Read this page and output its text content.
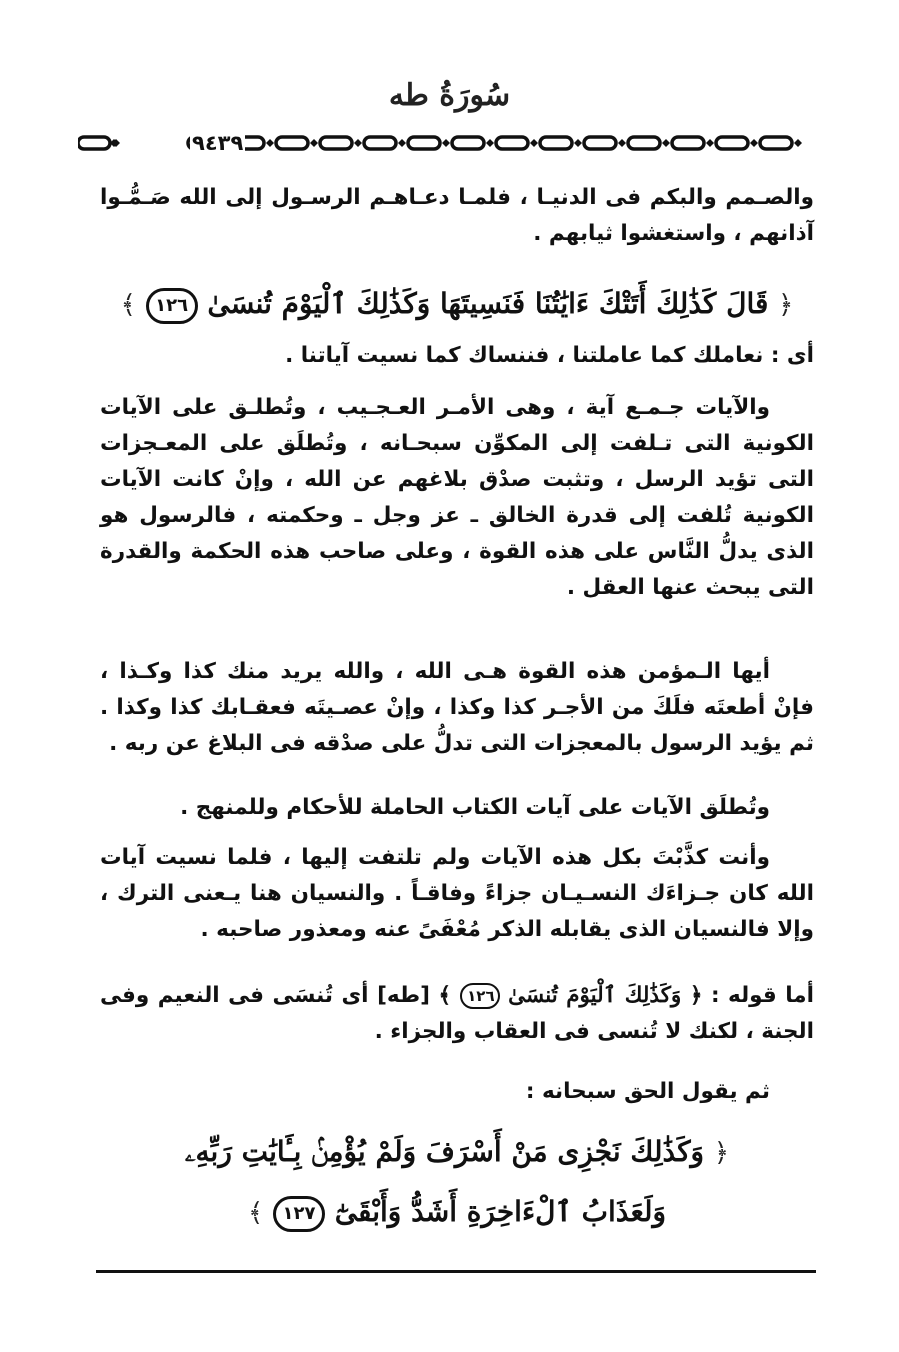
سُورَةُ طه
٩٤٣٩

والصـمم والبكم فى الدنيـا ، فلمـا دعـاهـم الرسـول إلى الله صَـمُّـوا آذانهم ، واستغشوا ثيابهم .

﴿ قَالَ كَذَٰلِكَ أَتَتْكَ ءَايَٰتُنَا فَنَسِيتَهَا وَكَذَٰلِكَ ٱلْيَوْمَ تُنسَىٰ ١٢٦ ﴾

أى : نعاملك كما عاملتنا ، فننساك كما نسيت آياتنا .

والآيات جـمـع آية ، وهى الأمـر العـجـيب ، وتُطلـق على الآيات الكونية التى تـلفت إلى المكوِّن سبحـانه ، وتُطلَق على المعـجزات التى تؤيد الرسل ، وتثبت صدْق بلاغهم عن الله ، وإنْ كانت الآيات الكونية تُلفت إلى قدرة الخالق ـ عز وجل ـ وحكمته ، فالرسول هو الذى يدلُّ النَّاس على هذه القوة ، وعلى صاحب هذه الحكمة والقدرة التى يبحث عنها العقل .

أيها الـمؤمن هذه القوة هـى الله ، والله يريد منك كذا وكـذا ، فإنْ أطعتَه فلَكَ من الأجـر كذا وكذا ، وإنْ عصـيتَه فعقـابك كذا وكذا . ثم يؤيد الرسول بالمعجزات التى تدلُّ على صدْقه فى البلاغ عن ربه .

وتُطلَق الآيات على آيات الكتاب الحاملة للأحكام وللمنهج .

وأنت كذَّبْتَ بكل هذه الآيات ولم تلتفت إليها ، فلما نسيت آيات الله كان جـزاءَك النسـيـان جزاءً وفاقـاً . والنسيان هنا يـعنى الترك ، وإلا فالنسيان الذى يقابله الذكر مُعْفَىً عنه ومعذور صاحبه .

أما قوله : ﴿ وَكَذَٰلِكَ ٱلْيَوْمَ تُنسَىٰ ١٢٦ ﴾ [طه] أى تُنسَى فى النعيم وفى الجنة ، لكنك لا تُنسى فى العقاب والجزاء .

ثم يقول الحق سبحانه :

﴿ وَكَذَٰلِكَ نَجْزِى مَنْ أَسْرَفَ وَلَمْ يُؤْمِنۢ بِـَٔايَٰتِ رَبِّهِۦ
وَلَعَذَابُ ٱلْءَاخِرَةِ أَشَدُّ وَأَبْقَىٰٓ ١٢٧ ﴾
